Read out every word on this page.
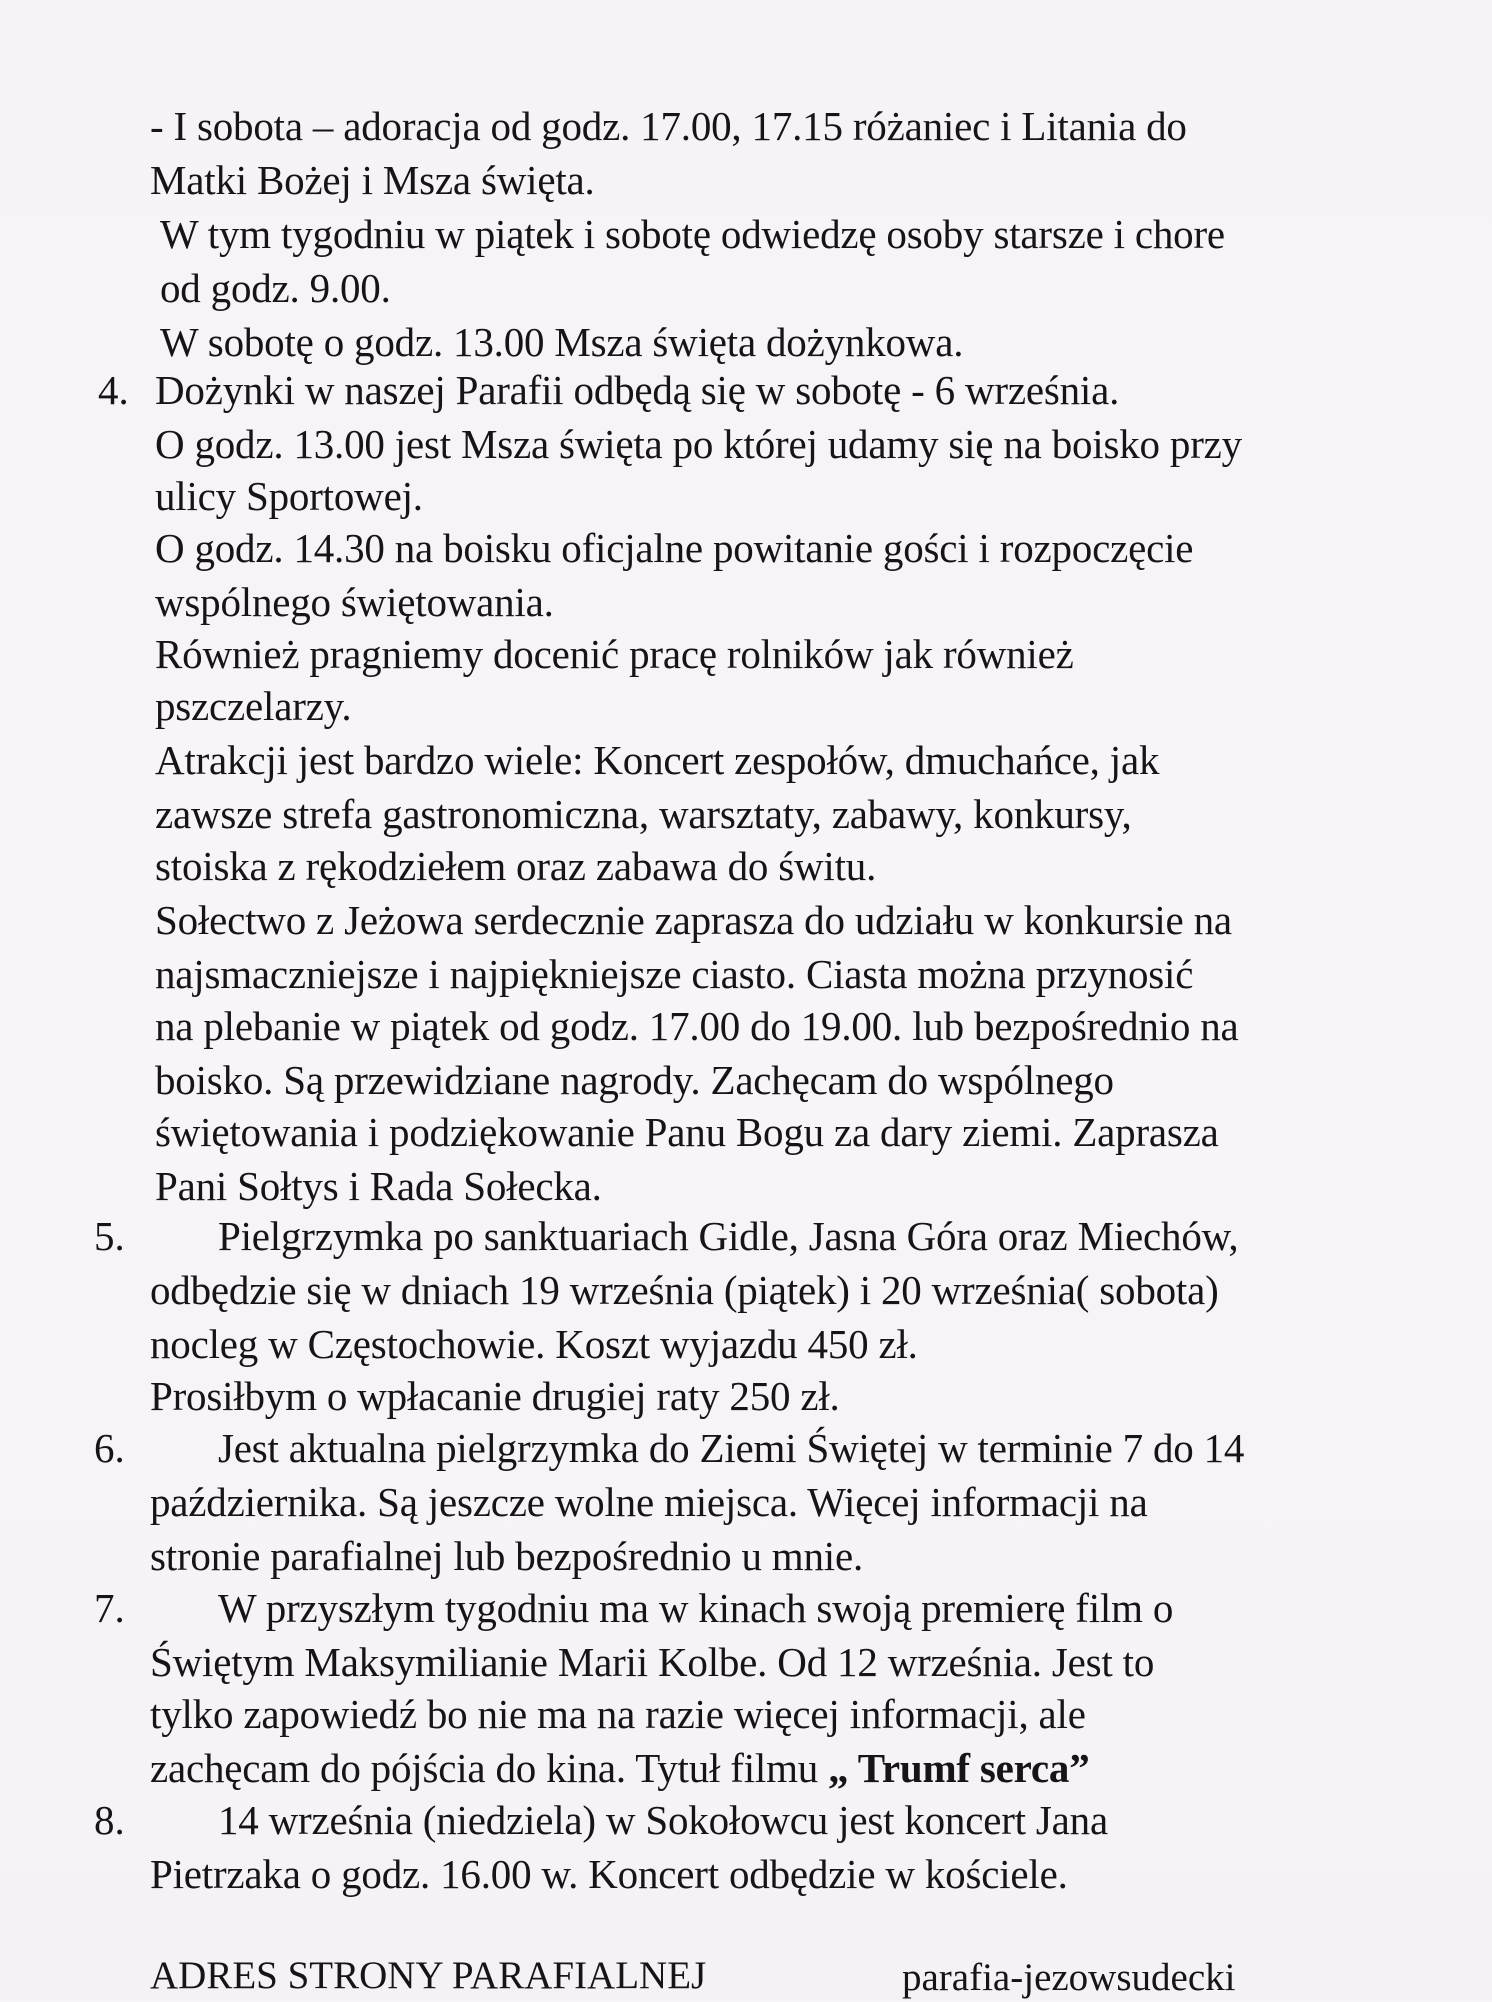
- I sobota – adoracja od godz. 17.00, 17.15 różaniec i Litania do
Matki Bożej i Msza święta.
W tym tygodniu w piątek i sobotę odwiedzę osoby starsze i chore
od godz. 9.00.
W sobotę o godz. 13.00 Msza święta dożynkowa.
4. Dożynki w naszej Parafii odbędą się w sobotę - 6 września.
O godz. 13.00 jest Msza święta po której udamy się na boisko przy
ulicy Sportowej.
O godz. 14.30 na boisku oficjalne powitanie gości i rozpoczęcie
wspólnego świętowania.
Również pragniemy docenić pracę rolników jak również
pszczelarzy.
Atrakcji jest bardzo wiele: Koncert zespołów, dmuchańce, jak
zawsze strefa gastronomiczna, warsztaty, zabawy, konkursy,
stoiska z rękodziełem oraz zabawa do świtu.
Sołectwo z Jeżowa serdecznie zaprasza do udziału w konkursie na
najsmaczniejsze i najpiękniejsze ciasto. Ciasta można przynosić
na plebanie w piątek od godz. 17.00 do 19.00. lub bezpośrednio na
boisko. Są przewidziane nagrody. Zachęcam do wspólnego
świętowania i podziękowanie Panu Bogu za dary ziemi. Zaprasza
Pani Sołtys i Rada Sołecka.
5. Pielgrzymka po sanktuariach Gidle, Jasna Góra oraz Miechów,
odbędzie się w dniach 19 września (piątek) i 20 września( sobota)
nocleg w Częstochowie. Koszt wyjazdu 450 zł.
Prosiłbym o wpłacanie drugiej raty 250 zł.
6. Jest aktualna pielgrzymka do Ziemi Świętej w terminie 7 do 14
października. Są jeszcze wolne miejsca. Więcej informacji na
stronie parafialnej lub bezpośrednio u mnie.
7. W przyszłym tygodniu ma w kinach swoją premierę film o
Świętym Maksymilianie Marii Kolbe. Od 12 września. Jest to
tylko zapowiedź bo nie ma na razie więcej informacji, ale
zachęcam do pójścia do kina. Tytuł filmu „ Trumf serca”
8. 14 września (niedziela) w Sokołowcu jest koncert Jana
Pietrzaka o godz. 16.00 w. Koncert odbędzie w kościele.
ADRES STRONY PARAFIALNEJ	parafia-jezowsudecki
